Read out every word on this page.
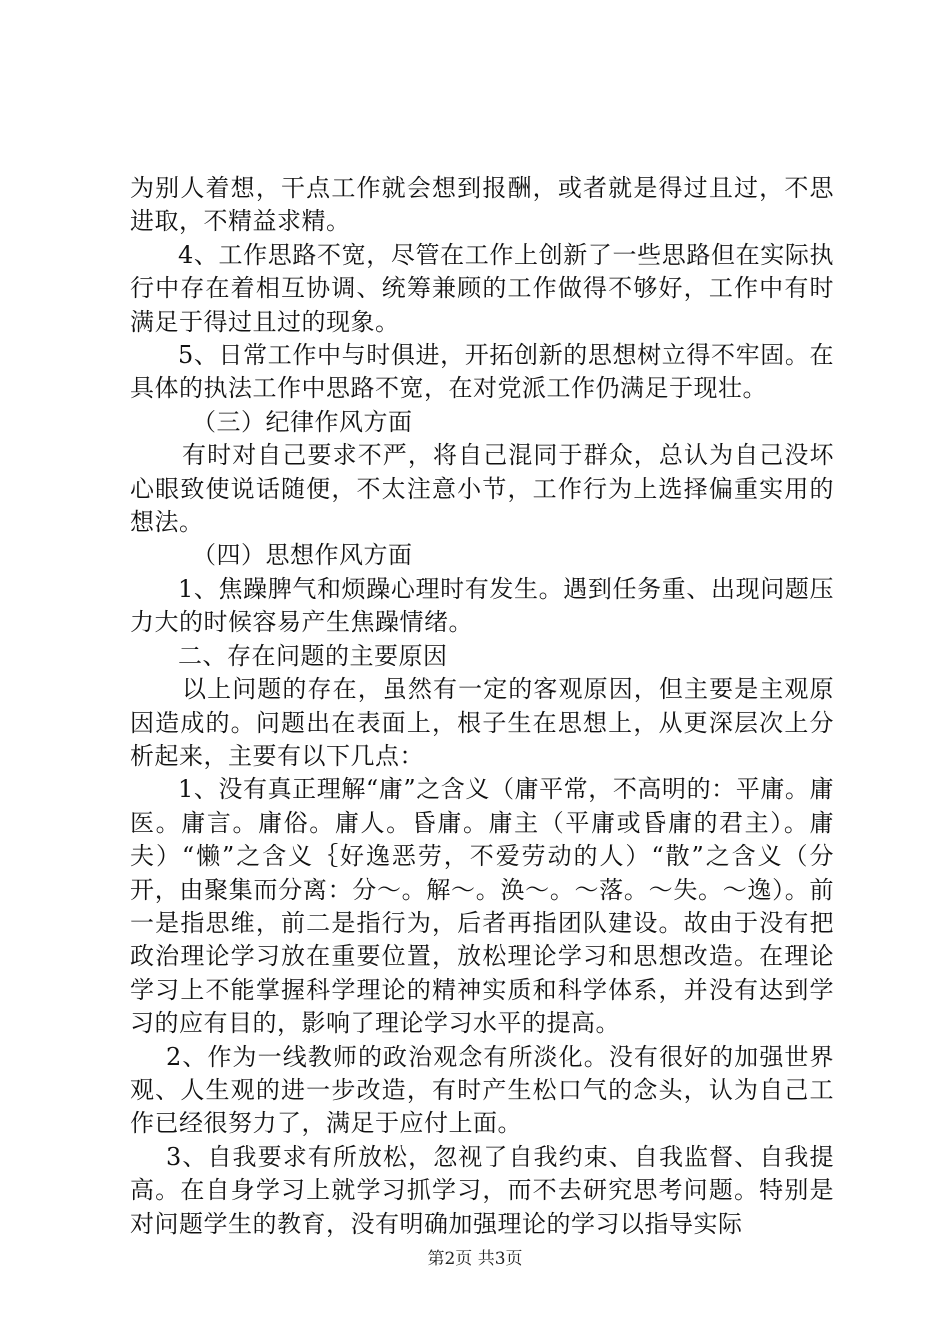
为别人着想，干点工作就会想到报酬，或者就是得过且过，不思进取，不精益求精。

4、工作思路不宽，尽管在工作上创新了一些思路但在实际执行中存在着相互协调、统筹兼顾的工作做得不够好，工作中有时满足于得过且过的现象。

5、日常工作中与时俱进，开拓创新的思想树立得不牢固。在具体的执法工作中思路不宽，在对党派工作仍满足于现壮。

（三）纪律作风方面

有时对自己要求不严，将自己混同于群众，总认为自己没坏心眼致使说话随便，不太注意小节，工作行为上选择偏重实用的想法。

（四）思想作风方面

1、焦躁脾气和烦躁心理时有发生。遇到任务重、出现问题压力大的时候容易产生焦躁情绪。

二、存在问题的主要原因

以上问题的存在，虽然有一定的客观原因，但主要是主观原因造成的。问题出在表面上，根子生在思想上，从更深层次上分析起来，主要有以下几点：

1、没有真正理解“庸”之含义（庸平常，不高明的：平庸。庸医。庸言。庸俗。庸人。昏庸。庸主（平庸或昏庸的君主）。庸夫）“懒”之含义｛好逸恶劳，不爱劳动的人）“散”之含义（分开，由聚集而分离：分～。解～。涣～。～落。～失。～逸）。前一是指思维，前二是指行为，后者再指团队建设。故由于没有把政治理论学习放在重要位置，放松理论学习和思想改造。在理论学习上不能掌握科学理论的精神实质和科学体系，并没有达到学习的应有目的，影响了理论学习水平的提高。

2、作为一线教师的政治观念有所淡化。没有很好的加强世界观、人生观的进一步改造，有时产生松口气的念头，认为自己工作已经很努力了，满足于应付上面。

3、自我要求有所放松，忽视了自我约束、自我监督、自我提高。在自身学习上就学习抓学习，而不去研究思考问题。特别是对问题学生的教育，没有明确加强理论的学习以指导实际

第2页 共3页
